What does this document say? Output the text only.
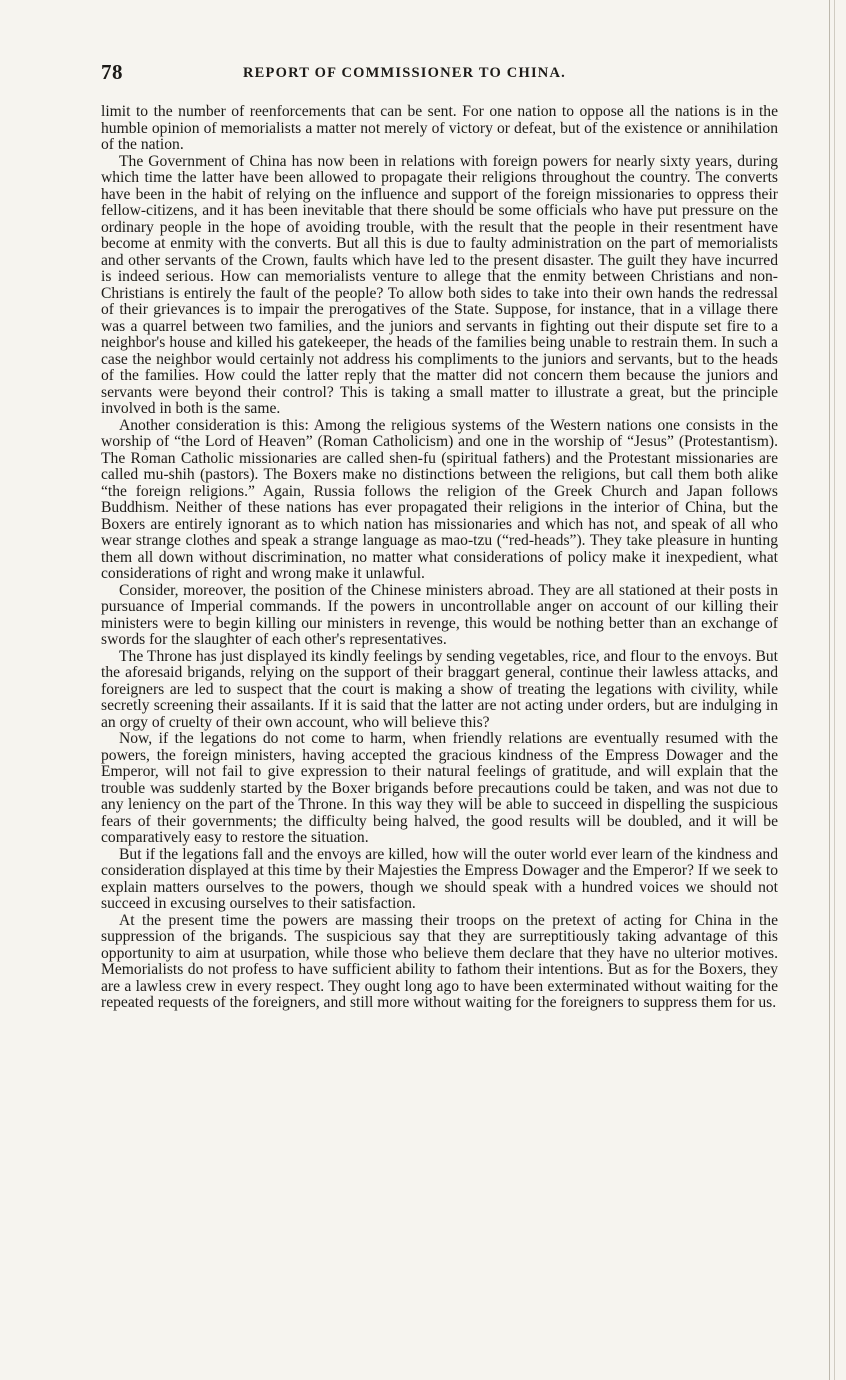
78	REPORT OF COMMISSIONER TO CHINA.

limit to the number of reenforcements that can be sent. For one nation to oppose all the nations is in the humble opinion of memorialists a matter not merely of victory or defeat, but of the existence or annihilation of the nation.

The Government of China has now been in relations with foreign powers for nearly sixty years, during which time the latter have been allowed to propagate their religions throughout the country. The converts have been in the habit of relying on the influence and support of the foreign missionaries to oppress their fellow-citizens, and it has been inevitable that there should be some officials who have put pressure on the ordinary people in the hope of avoiding trouble, with the result that the people in their resentment have become at enmity with the converts. But all this is due to faulty administration on the part of memorialists and other servants of the Crown, faults which have led to the present disaster. The guilt they have incurred is indeed serious. How can memorialists venture to allege that the enmity between Christians and non-Christians is entirely the fault of the people? To allow both sides to take into their own hands the redressal of their grievances is to impair the prerogatives of the State. Suppose, for instance, that in a village there was a quarrel between two families, and the juniors and servants in fighting out their dispute set fire to a neighbor's house and killed his gatekeeper, the heads of the families being unable to restrain them. In such a case the neighbor would certainly not address his compliments to the juniors and servants, but to the heads of the families. How could the latter reply that the matter did not concern them because the juniors and servants were beyond their control? This is taking a small matter to illustrate a great, but the principle involved in both is the same.

Another consideration is this: Among the religious systems of the Western nations one consists in the worship of “the Lord of Heaven” (Roman Catholicism) and one in the worship of “Jesus” (Protestantism). The Roman Catholic missionaries are called shen-fu (spiritual fathers) and the Protestant missionaries are called mu-shih (pastors). The Boxers make no distinctions between the religions, but call them both alike “the foreign religions.” Again, Russia follows the religion of the Greek Church and Japan follows Buddhism. Neither of these nations has ever propagated their religions in the interior of China, but the Boxers are entirely ignorant as to which nation has missionaries and which has not, and speak of all who wear strange clothes and speak a strange language as mao-tzu (“red-heads”). They take pleasure in hunting them all down without discrimination, no matter what considerations of policy make it inexpedient, what considerations of right and wrong make it unlawful.

Consider, moreover, the position of the Chinese ministers abroad. They are all stationed at their posts in pursuance of Imperial commands. If the powers in uncontrollable anger on account of our killing their ministers were to begin killing our ministers in revenge, this would be nothing better than an exchange of swords for the slaughter of each other's representatives.

The Throne has just displayed its kindly feelings by sending vegetables, rice, and flour to the envoys. But the aforesaid brigands, relying on the support of their braggart general, continue their lawless attacks, and foreigners are led to suspect that the court is making a show of treating the legations with civility, while secretly screening their assailants. If it is said that the latter are not acting under orders, but are indulging in an orgy of cruelty of their own account, who will believe this?

Now, if the legations do not come to harm, when friendly relations are eventually resumed with the powers, the foreign ministers, having accepted the gracious kindness of the Empress Dowager and the Emperor, will not fail to give expression to their natural feelings of gratitude, and will explain that the trouble was suddenly started by the Boxer brigands before precautions could be taken, and was not due to any leniency on the part of the Throne. In this way they will be able to succeed in dispelling the suspicious fears of their governments; the difficulty being halved, the good results will be doubled, and it will be comparatively easy to restore the situation.

But if the legations fall and the envoys are killed, how will the outer world ever learn of the kindness and consideration displayed at this time by their Majesties the Empress Dowager and the Emperor? If we seek to explain matters ourselves to the powers, though we should speak with a hundred voices we should not succeed in excusing ourselves to their satisfaction.

At the present time the powers are massing their troops on the pretext of acting for China in the suppression of the brigands. The suspicious say that they are surreptitiously taking advantage of this opportunity to aim at usurpation, while those who believe them declare that they have no ulterior motives. Memorialists do not profess to have sufficient ability to fathom their intentions. But as for the Boxers, they are a lawless crew in every respect. They ought long ago to have been exterminated without waiting for the repeated requests of the foreigners, and still more without waiting for the foreigners to suppress them for us.
